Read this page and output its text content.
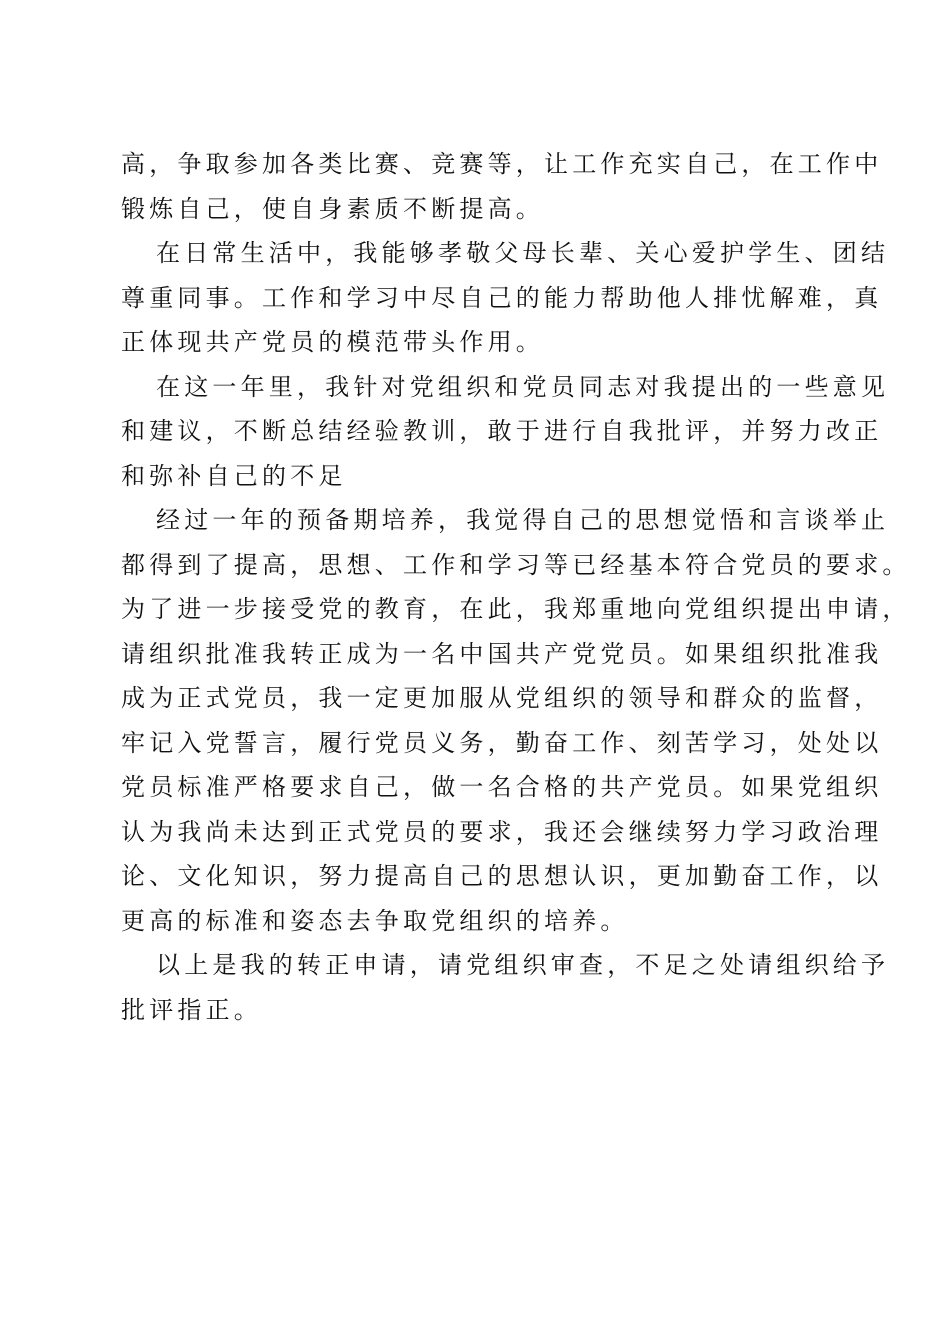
高，争取参加各类比赛、竞赛等，让工作充实自己，在工作中
锻炼自己，使自身素质不断提高。
在日常生活中，我能够孝敬父母长辈、关心爱护学生、团结
尊重同事。工作和学习中尽自己的能力帮助他人排忧解难，真
正体现共产党员的模范带头作用。
在这一年里，我针对党组织和党员同志对我提出的一些意见
和建议，不断总结经验教训，敢于进行自我批评，并努力改正
和弥补自己的不足
经过一年的预备期培养，我觉得自己的思想觉悟和言谈举止
都得到了提高，思想、工作和学习等已经基本符合党员的要求。
为了进一步接受党的教育，在此，我郑重地向党组织提出申请，
请组织批准我转正成为一名中国共产党党员。如果组织批准我
成为正式党员，我一定更加服从党组织的领导和群众的监督，
牢记入党誓言，履行党员义务，勤奋工作、刻苦学习，处处以
党员标准严格要求自己，做一名合格的共产党员。如果党组织
认为我尚未达到正式党员的要求，我还会继续努力学习政治理
论、文化知识，努力提高自己的思想认识，更加勤奋工作，以
更高的标准和姿态去争取党组织的培养。
以上是我的转正申请，请党组织审查，不足之处请组织给予
批评指正。
